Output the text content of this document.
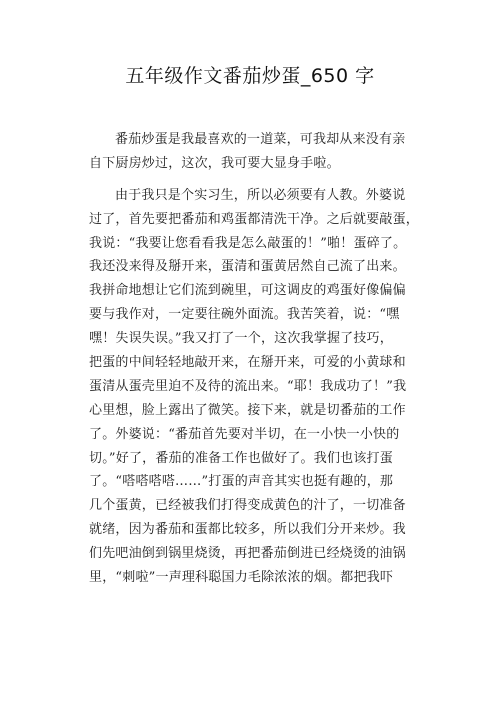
五年级作文番茄炒蛋_650 字
番茄炒蛋是我最喜欢的一道菜，可我却从来没有亲
自下厨房炒过，这次，我可要大显身手啦。
由于我只是个实习生，所以必须要有人教。外婆说
过了，首先要把番茄和鸡蛋都清洗干净。之后就要敲蛋，
我说：“我要让您看看我是怎么敲蛋的！”啪！蛋碎了。
我还没来得及掰开来，蛋清和蛋黄居然自己流了出来。
我拼命地想让它们流到碗里，可这调皮的鸡蛋好像偏偏
要与我作对，一定要往碗外面流。我苦笑着，说：“嘿
嘿！失误失误。”我又打了一个，这次我掌握了技巧，
把蛋的中间轻轻地敲开来，在掰开来，可爱的小黄球和
蛋清从蛋壳里迫不及待的流出来。“耶！我成功了！”我
心里想，脸上露出了微笑。接下来，就是切番茄的工作
了。外婆说：“番茄首先要对半切，在一小快一小快的
切。”好了，番茄的准备工作也做好了。我们也该打蛋
了。“嗒嗒嗒嗒……”打蛋的声音其实也挺有趣的，那
几个蛋黄，已经被我们打得变成黄色的汁了，一切准备
就绪，因为番茄和蛋都比较多，所以我们分开来炒。我
们先吧油倒到锅里烧烫，再把番茄倒进已经烧烫的油锅
里，“刺啦”一声理科聪国力毛除浓浓的烟。都把我吓
